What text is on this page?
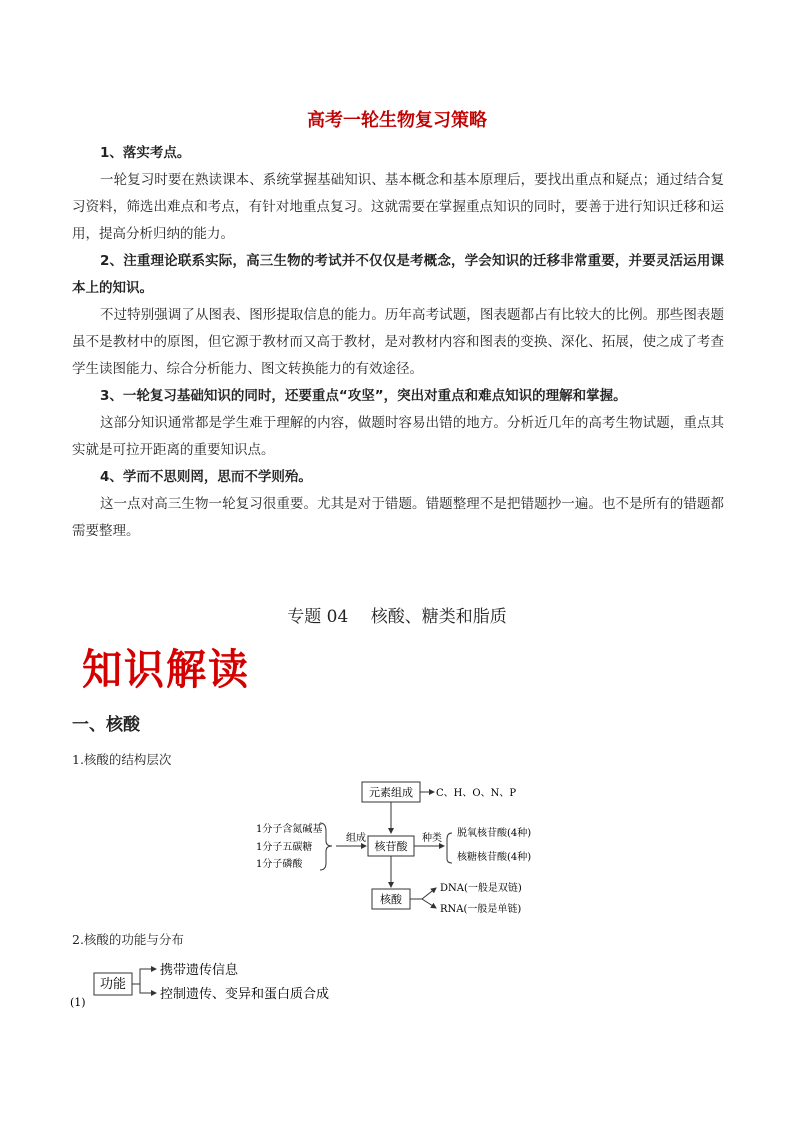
高考一轮生物复习策略
1、落实考点。
一轮复习时要在熟读课本、系统掌握基础知识、基本概念和基本原理后，要找出重点和疑点；通过结合复习资料，筛选出难点和考点，有针对地重点复习。这就需要在掌握重点知识的同时，要善于进行知识迁移和运用，提高分析归纳的能力。
2、注重理论联系实际，高三生物的考试并不仅仅是考概念，学会知识的迁移非常重要，并要灵活运用课本上的知识。
不过特别强调了从图表、图形提取信息的能力。历年高考试题，图表题都占有比较大的比例。那些图表题虽不是教材中的原图，但它源于教材而又高于教材，是对教材内容和图表的变换、深化、拓展，使之成了考查学生读图能力、综合分析能力、图文转换能力的有效途径。
3、一轮复习基础知识的同时，还要重点“攻坚”，突出对重点和难点知识的理解和掌握。
这部分知识通常都是学生难于理解的内容，做题时容易出错的地方。分析近几年的高考生物试题，重点其实就是可拉开距离的重要知识点。
4、学而不思则罔，思而不学则殆。
这一点对高三生物一轮复习很重要。尤其是对于错题。错题整理不是把错题抄一遍。也不是所有的错题都需要整理。
专题 04　 核酸、糖类和脂质
知识解读
一、核酸
1.核酸的结构层次
元素组成 C、H、O、N、P
1分子含氮碱基
1分子五碳糖
1分子磷酸
组成
核苷酸
种类 脱氧核苷酸(4种)
核糖核苷酸(4种)
核酸
DNA(一般是双链)
RNA(一般是单链)
2.核酸的功能与分布
(1)
功能
携带遗传信息
控制遗传、变异和蛋白质合成
